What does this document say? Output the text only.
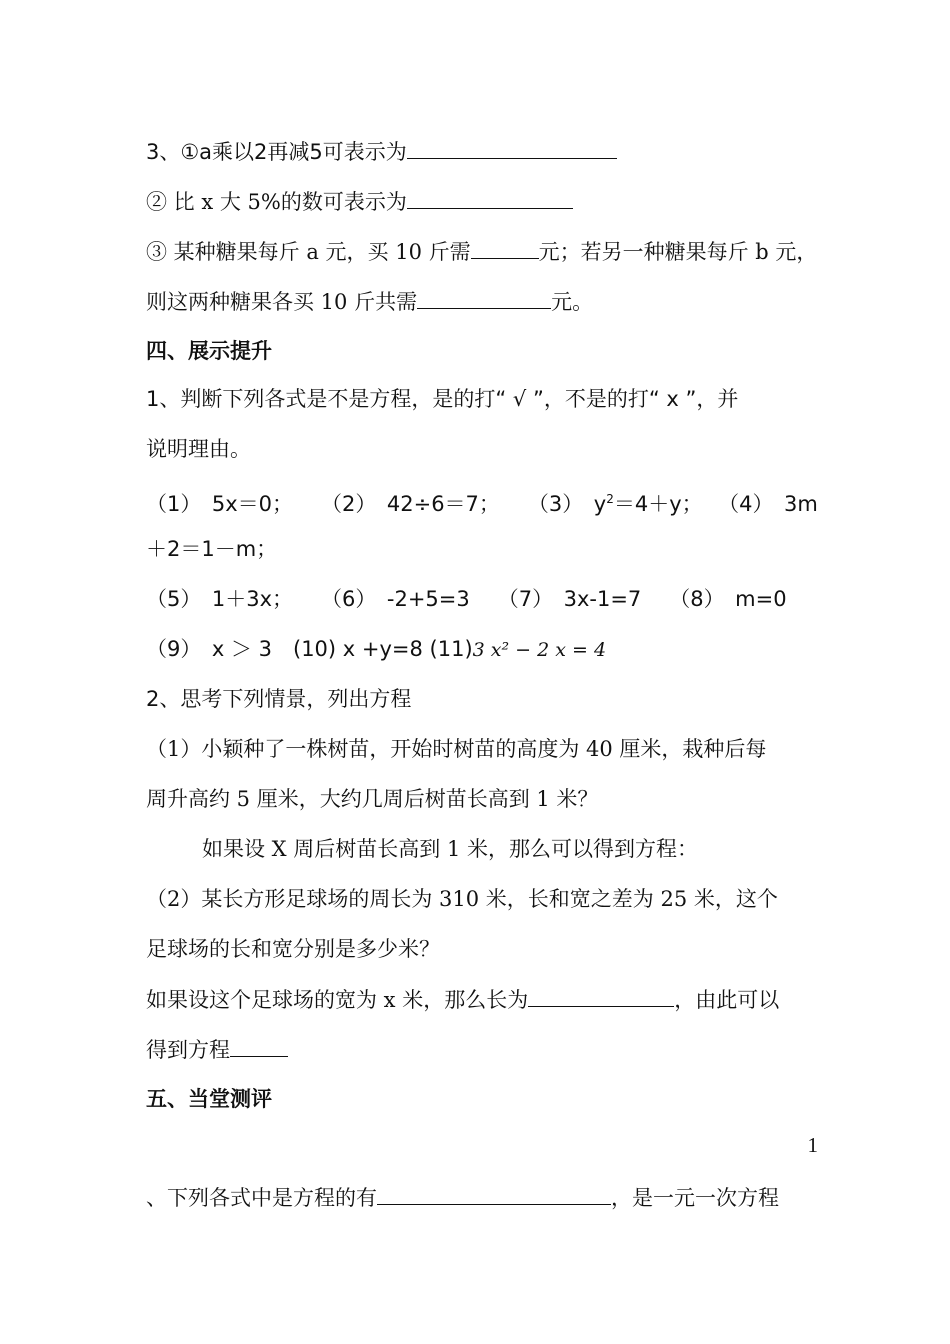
3、①a乘以2再减5可表示为
② 比 x 大 5%的数可表示为
③ 某种糖果每斤 a 元，买 10 斤需	元；若另一种糖果每斤 b 元，
则这两种糖果各买 10 斤共需	元。
四、展示提升
1、判断下列各式是不是方程，是的打“ √ ”，不是的打“ x ”，并
说明理由。
（1）　5x＝0； （2）　42÷6＝7； （3）　$y^2=4+y$； （4）　3m
＋2＝1－m；
（5）　1＋3x； （6）　-2+5=3 （7）　3x-1=7 （8）　m=0
（9）　x ＞ 3　(10) x +y=8 (11)3 x² − 2 x = 4
2、思考下列情景，列出方程
（1）小颖种了一株树苗，开始时树苗的高度为 40 厘米，栽种后每
周升高约 5 厘米，大约几周后树苗长高到 1 米？
如果设 X 周后树苗长高到 1 米，那么可以得到方程：
（2）某长方形足球场的周长为 310 米，长和宽之差为 25 米，这个
足球场的长和宽分别是多少米？
如果设这个足球场的宽为 x 米，那么长为	，由此可以
得到方程
五、当堂测评
1
、下列各式中是方程的有	，是一元一次方程
